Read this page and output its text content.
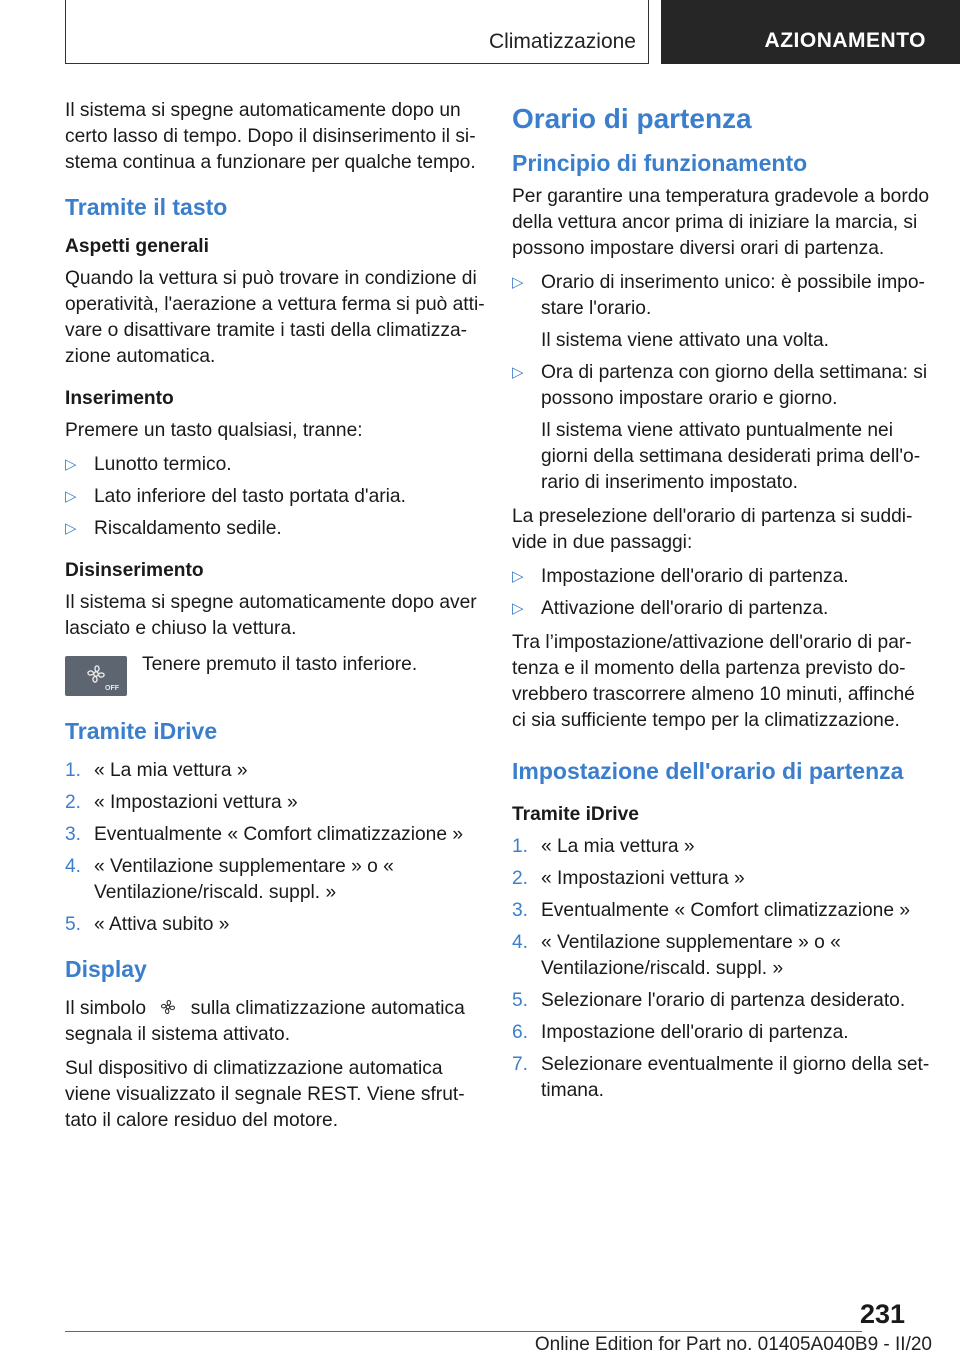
Climatizzazione	AZIONAMENTO

Il sistema si spegne automaticamente dopo un certo lasso di tempo. Dopo il disinserimento il sistema continua a funzionare per qualche tempo.

Tramite il tasto
Aspetti generali

Quando la vettura si può trovare in condizione di operatività, l'aerazione a vettura ferma si può attivare o disattivare tramite i tasti della climatizzazione automatica.

Inserimento

Premere un tasto qualsiasi, tranne:

▷ Lunotto termico.
▷ Lato inferiore del tasto portata d'aria.
▷ Riscaldamento sedile.
Disinserimento

Il sistema si spegne automaticamente dopo aver lasciato e chiuso la vettura.

OFF
Tenere premuto il tasto inferiore.
Tramite iDrive
1. « La mia vettura »
2. « Impostazioni vettura »
3. Eventualmente « Comfort climatizzazione »
4. « Ventilazione supplementare » o « Ventilazione/riscald. suppl. »
5. « Attiva subito »
Display

Il simbolo sulla climatizzazione automatica segnala il sistema attivato.

Sul dispositivo di climatizzazione automatica viene visualizzato il segnale REST. Viene sfruttato il calore residuo del motore.

Orario di partenza
Principio di funzionamento

Per garantire una temperatura gradevole a bordo della vettura ancor prima di iniziare la marcia, si possono impostare diversi orari di partenza.

▷ Orario di inserimento unico: è possibile impostare l'orario.
Il sistema viene attivato una volta.
▷ Ora di partenza con giorno della settimana: si possono impostare orario e giorno.
Il sistema viene attivato puntualmente nei giorni della settimana desiderati prima dell'orario di inserimento impostato.

La preselezione dell'orario di partenza si suddivide in due passaggi:

▷ Impostazione dell'orario di partenza.
▷ Attivazione dell'orario di partenza.

Tra l’impostazione/attivazione dell'orario di partenza e il momento della partenza previsto dovrebbero trascorrere almeno 10 minuti, affinché ci sia sufficiente tempo per la climatizzazione.

Impostazione dell'orario di partenza
Tramite iDrive
1. « La mia vettura »
2. « Impostazioni vettura »
3. Eventualmente « Comfort climatizzazione »
4. « Ventilazione supplementare » o « Ventilazione/riscald. suppl. »
5. Selezionare l'orario di partenza desiderato.
6. Impostazione dell'orario di partenza.
7. Selezionare eventualmente il giorno della settimana.
231
Online Edition for Part no. 01405A040B9 - II/20
